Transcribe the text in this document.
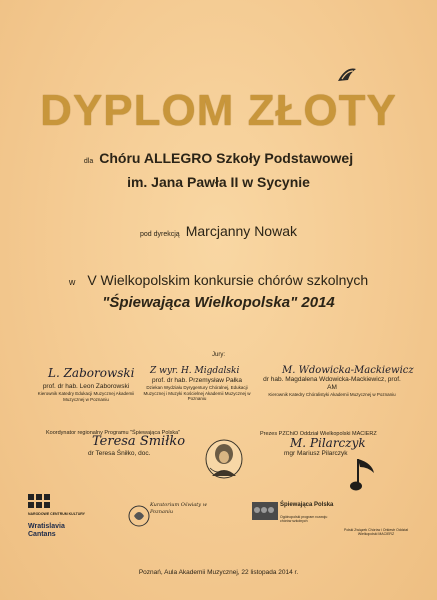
DYPLOM ZŁOTY
dla Chóru ALLEGRO Szkoły Podstawowej
im. Jana Pawła II w Sycynie
pod dyrekcją Marcjanny Nowak
w V Wielkopolskim konkursie chórów szkolnych
"Śpiewająca Wielkopolska" 2014
Jury:
L. Zaborowski
prof. dr hab. Leon Zaborowski
Kierownik Katedry Edukacji Muzycznej Akademii Muzycznej w Poznaniu
Z wyr. H. Migdalski
prof. dr hab. Przemysław Pałka
Dziekan Wydziału Dyrygentury Chóralnej, Edukacji Muzycznej i Muzyki Kościelnej Akademii Muzycznej w Poznaniu
M. Wdowicka-Mackiewicz
dr hab. Magdalena Wdowicka-Mackiewicz, prof. AM
Kierownik Katedry Chóralistyki Akademii Muzycznej w Poznaniu
Koordynator regionalny Programu "Śpiewająca Polska"
Teresa Smiłko
dr Teresa Śniłko, doc.
Prezes PZChiO Oddział Wielkopolski MACIERZ
M. Pilarczyk
mgr Mariusz Pilarczyk
NARODOWE CENTRUM KULTURY
Wratislavia Cantans
Kuratorium Oświaty w Poznaniu
Śpiewająca Polska
Ogólnopolski program rozwoju chórów szkolnych
Polski Związek Chórów i Orkiestr Oddział Wielkopolski MACIERZ
Poznań, Aula Akademii Muzycznej, 22 listopada 2014 r.
